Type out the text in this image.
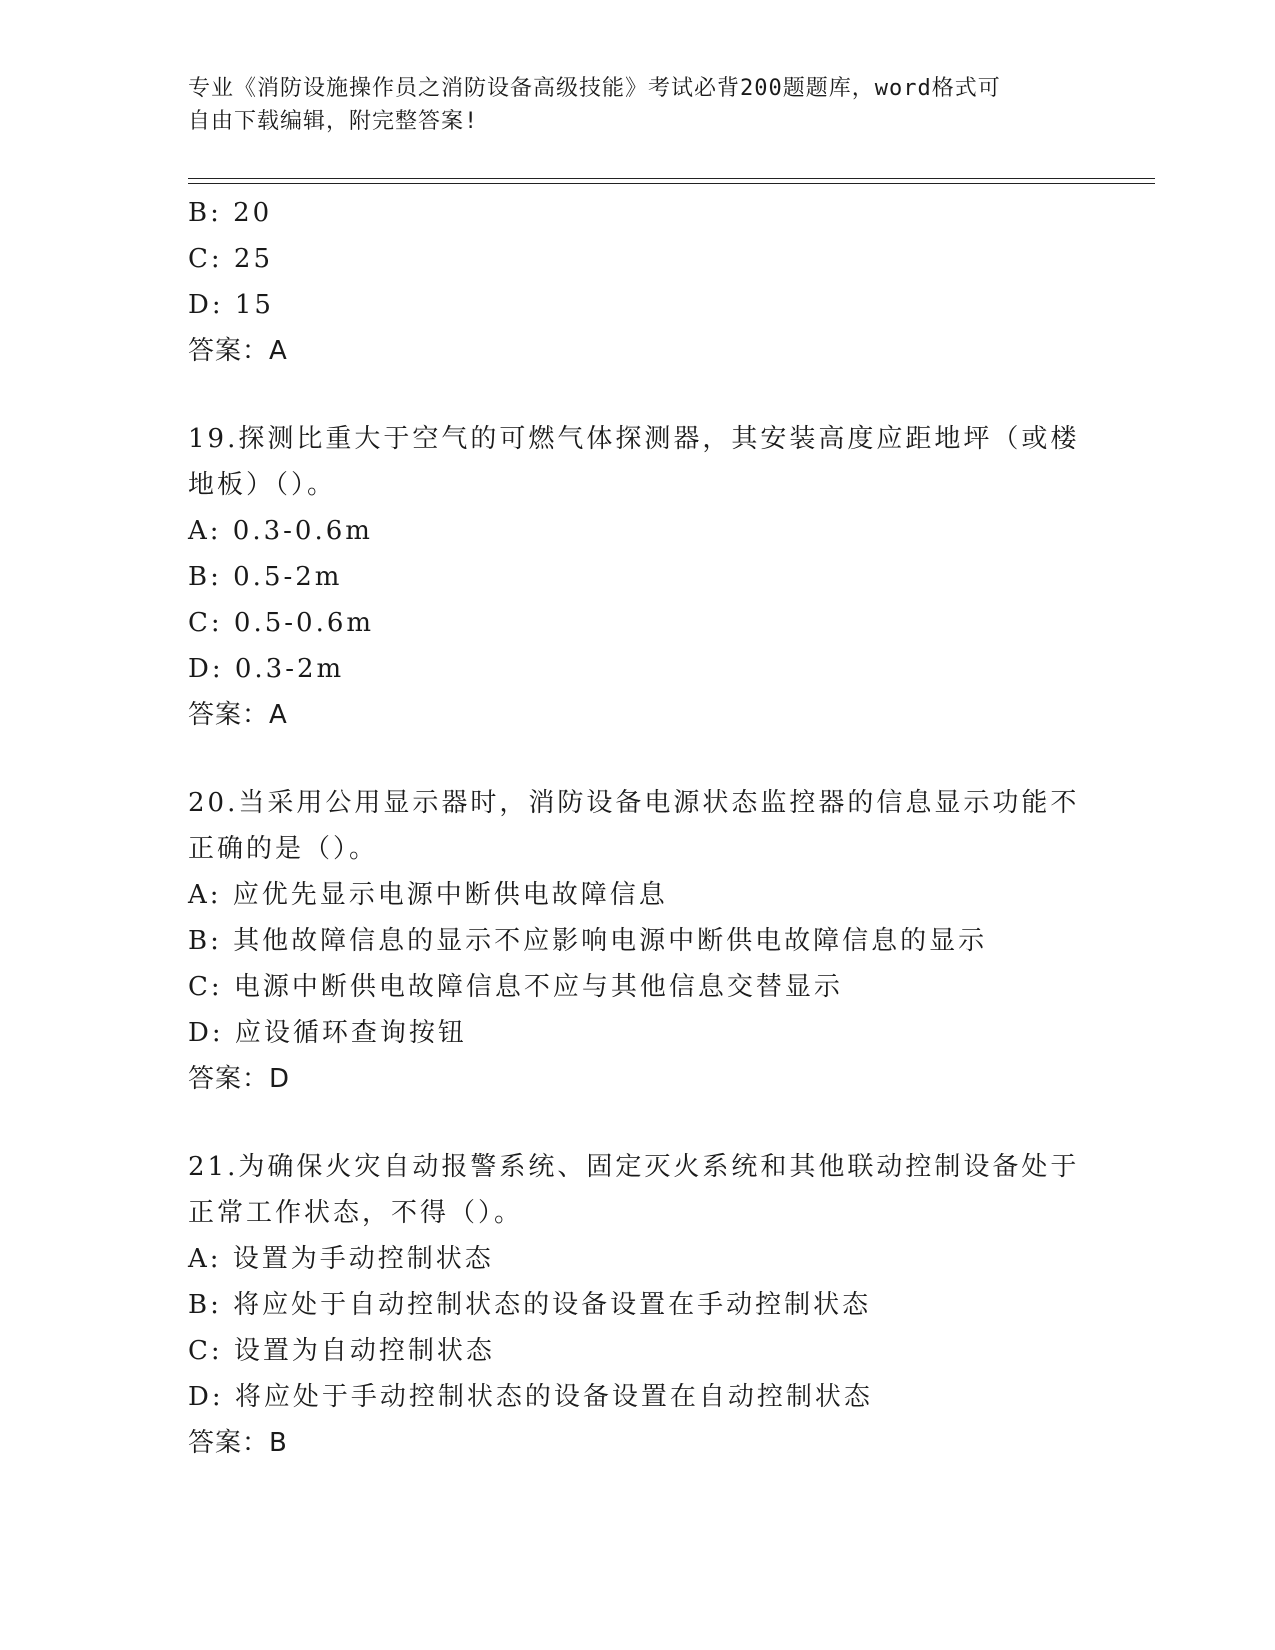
专业《消防设施操作员之消防设备高级技能》考试必背200题题库，word格式可
自由下载编辑，附完整答案!
B: 20
C: 25
D: 15
答案：A
19.探测比重大于空气的可燃气体探测器，其安装高度应距地坪（或楼
地板）（）。
A: 0.3-0.6m
B: 0.5-2m
C: 0.5-0.6m
D: 0.3-2m
答案：A
20.当采用公用显示器时，消防设备电源状态监控器的信息显示功能不
正确的是（）。
A: 应优先显示电源中断供电故障信息
B: 其他故障信息的显示不应影响电源中断供电故障信息的显示
C: 电源中断供电故障信息不应与其他信息交替显示
D: 应设循环查询按钮
答案：D
21.为确保火灾自动报警系统、固定灭火系统和其他联动控制设备处于
正常工作状态，不得（）。
A: 设置为手动控制状态
B: 将应处于自动控制状态的设备设置在手动控制状态
C: 设置为自动控制状态
D: 将应处于手动控制状态的设备设置在自动控制状态
答案：B
